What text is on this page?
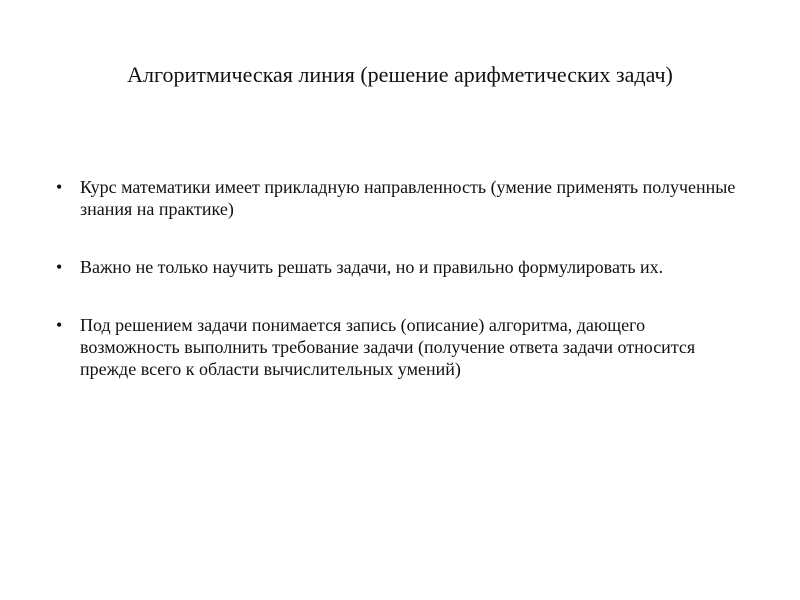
Алгоритмическая линия (решение арифметических задач)
• Курс математики имеет прикладную направленность (умение применять полученные знания на практике)
• Важно не только научить решать задачи, но и правильно формулировать их.
• Под решением задачи понимается запись (описание) алгоритма, дающего возможность выполнить требование задачи (получение ответа задачи относится прежде всего к области вычислительных умений)
